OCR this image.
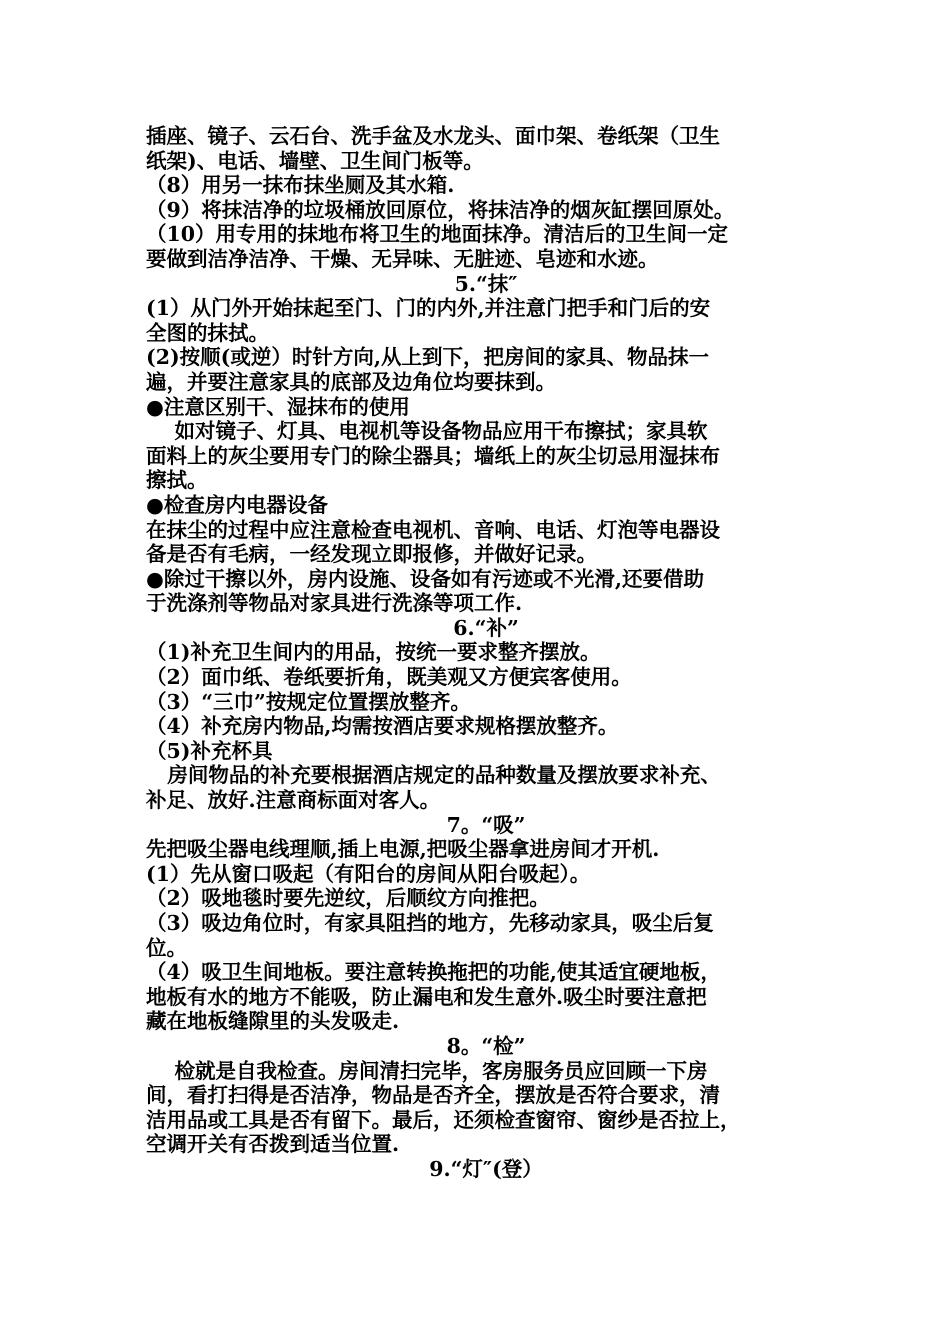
插座、镜子、云石台、洗手盆及水龙头、面巾架、卷纸架（卫生
纸架)、电话、墙壁、卫生间门板等。
（8）用另一抹布抹坐厕及其水箱.
（9）将抹洁净的垃圾桶放回原位，将抹洁净的烟灰缸摆回原处。
（10）用专用的抹地布将卫生的地面抹净。清洁后的卫生间一定
要做到洁净洁净、干燥、无异味、无脏迹、皂迹和水迹。
5.“抹″
(1）从门外开始抹起至门、门的内外,并注意门把手和门后的安
全图的抹拭。
(2)按顺(或逆）时针方向,从上到下，把房间的家具、物品抹一
遍，并要注意家具的底部及边角位均要抹到。
●注意区别干、湿抹布的使用
如对镜子、灯具、电视机等设备物品应用干布擦拭；家具软
面料上的灰尘要用专门的除尘器具；墙纸上的灰尘切忌用湿抹布
擦拭。
●检查房内电器设备
在抹尘的过程中应注意检查电视机、音响、电话、灯泡等电器设
备是否有毛病，一经发现立即报修，并做好记录。
●除过干擦以外，房内设施、设备如有污迹或不光滑,还要借助
于洗涤剂等物品对家具进行洗涤等项工作.
6.“补”
（1)补充卫生间内的用品，按统一要求整齐摆放。
（2）面巾纸、卷纸要折角，既美观又方便宾客使用。
（3）“三巾”按规定位置摆放整齐。
（4）补充房内物品,均需按酒店要求规格摆放整齐。
（5)补充杯具
房间物品的补充要根据酒店规定的品种数量及摆放要求补充、
补足、放好.注意商标面对客人。
7。“吸”
先把吸尘器电线理顺,插上电源,把吸尘器拿进房间才开机.
(1）先从窗口吸起（有阳台的房间从阳台吸起）。
（2）吸地毯时要先逆纹，后顺纹方向推把。
（3）吸边角位时，有家具阻挡的地方，先移动家具，吸尘后复
位。
（4）吸卫生间地板。要注意转换拖把的功能,使其适宜硬地板，
地板有水的地方不能吸，防止漏电和发生意外.吸尘时要注意把
藏在地板缝隙里的头发吸走.
8。“检”
检就是自我检查。房间清扫完毕，客房服务员应回顾一下房
间，看打扫得是否洁净，物品是否齐全，摆放是否符合要求，清
洁用品或工具是否有留下。最后，还须检查窗帘、窗纱是否拉上，
空调开关有否拨到适当位置.
9.“灯″(登）
